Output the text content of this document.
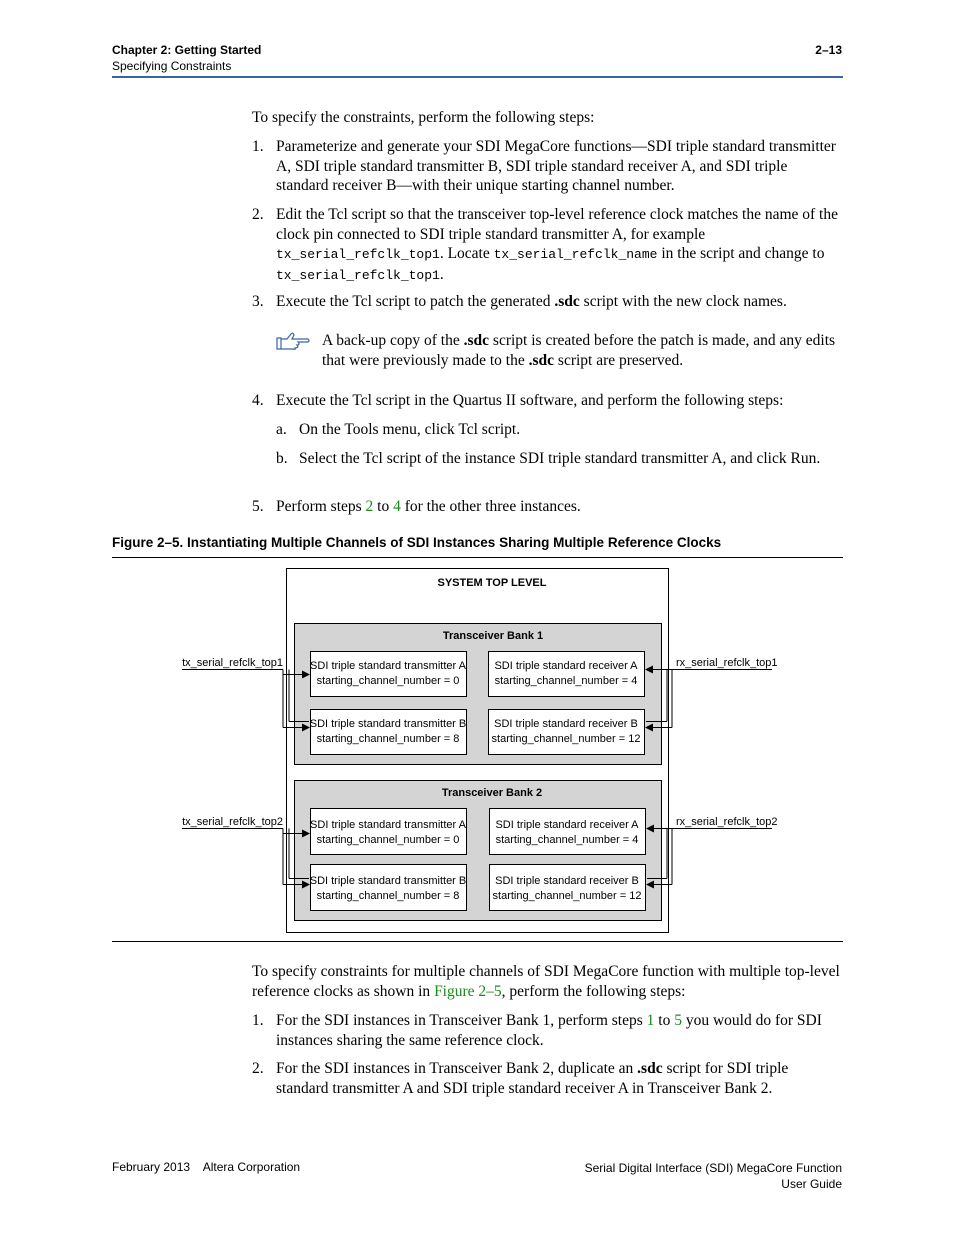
Chapter 2: Getting Started
Specifying Constraints
2–13

To specify the constraints, perform the following steps:

1. Parameterize and generate your SDI MegaCore functions—SDI triple standard transmitter A, SDI triple standard transmitter B, SDI triple standard receiver A, and SDI triple standard receiver B—with their unique starting channel number.
2. Edit the Tcl script so that the transceiver top-level reference clock matches the name of the clock pin connected to SDI triple standard transmitter A, for example tx_serial_refclk_top1. Locate tx_serial_refclk_name in the script and change to tx_serial_refclk_top1.
3. Execute the Tcl script to patch the generated .sdc script with the new clock names.
4. Execute the Tcl script in the Quartus II software, and perform the following steps:
a. On the Tools menu, click Tcl script.
b. Select the Tcl script of the instance SDI triple standard transmitter A, and click Run.
5. Perform steps 2 to 4 for the other three instances.
A back-up copy of the .sdc script is created before the patch is made, and any edits that were previously made to the .sdc script are preserved.
Figure 2–5. Instantiating Multiple Channels of SDI Instances Sharing Multiple Reference Clocks
SYSTEM TOP LEVEL
Transceiver Bank 1
SDI triple standard transmitter A
starting_channel_number = 0
SDI triple standard receiver A
starting_channel_number = 4
SDI triple standard transmitter B
starting_channel_number = 8
SDI triple standard receiver B
starting_channel_number = 12
Transceiver Bank 2
SDI triple standard transmitter A
starting_channel_number = 0
SDI triple standard receiver A
starting_channel_number = 4
SDI triple standard transmitter B
starting_channel_number = 8
SDI triple standard receiver B
starting_channel_number = 12
tx_serial_refclk_top1	rx_serial_refclk_top1
tx_serial_refclk_top2	rx_serial_refclk_top2

To specify constraints for multiple channels of SDI MegaCore function with multiple top-level reference clocks as shown in Figure 2–5, perform the following steps:

1. For the SDI instances in Transceiver Bank 1, perform steps 1 to 5 you would do for SDI instances sharing the same reference clock.
2. For the SDI instances in Transceiver Bank 2, duplicate an .sdc script for SDI triple standard transmitter A and SDI triple standard receiver A in Transceiver Bank 2.
February 2013    Altera Corporation	Serial Digital Interface (SDI) MegaCore Function
User Guide
